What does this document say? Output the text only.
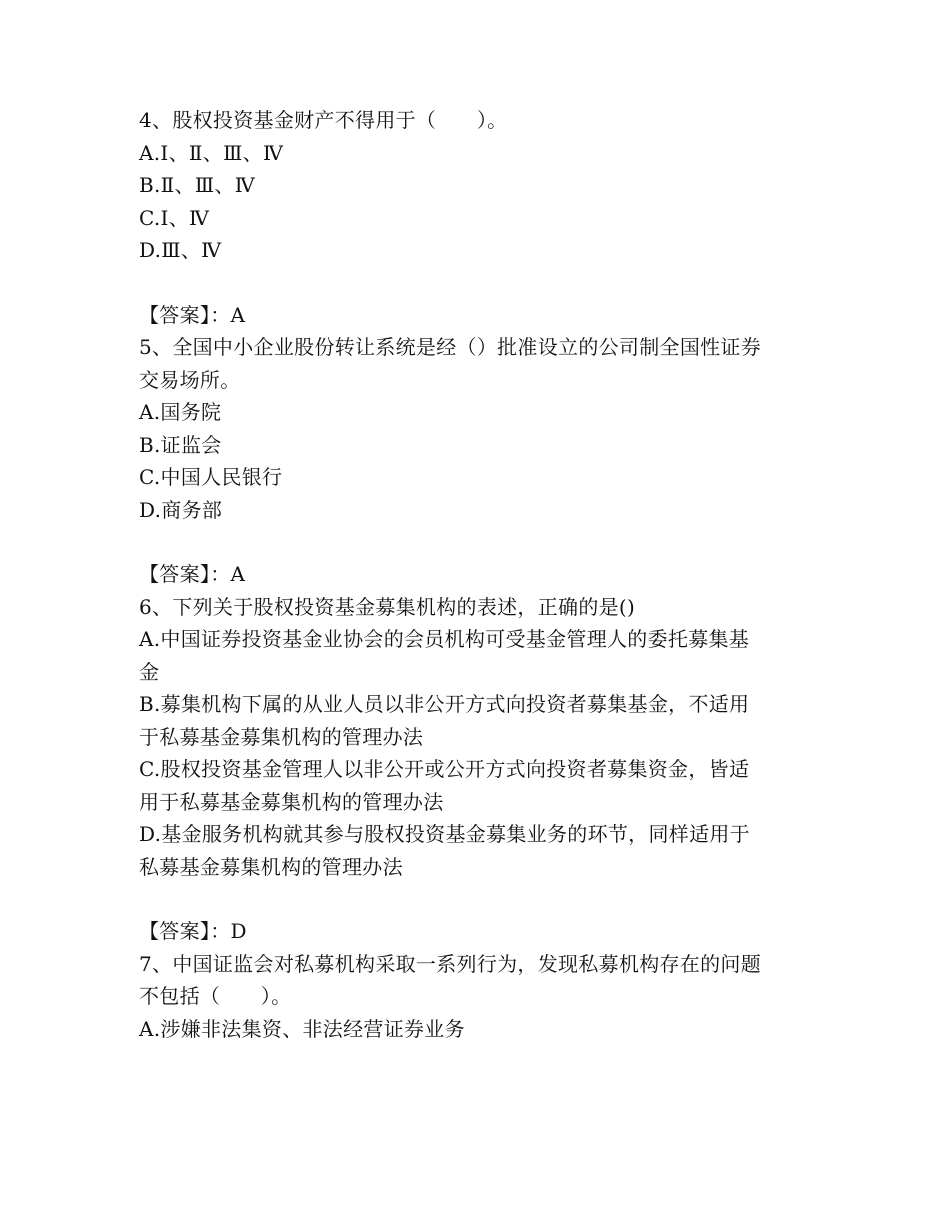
4、股权投资基金财产不得用于（　　）。
A.Ⅰ、Ⅱ、Ⅲ、Ⅳ
B.Ⅱ、Ⅲ、Ⅳ
C.Ⅰ、Ⅳ
D.Ⅲ、Ⅳ
【答案】：A
5、全国中小企业股份转让系统是经（）批准设立的公司制全国性证券
交易场所。
A.国务院
B.证监会
C.中国人民银行
D.商务部
【答案】：A
6、下列关于股权投资基金募集机构的表述，正确的是()
A.中国证券投资基金业协会的会员机构可受基金管理人的委托募集基
金
B.募集机构下属的从业人员以非公开方式向投资者募集基金，不适用
于私募基金募集机构的管理办法
C.股权投资基金管理人以非公开或公开方式向投资者募集资金，皆适
用于私募基金募集机构的管理办法
D.基金服务机构就其参与股权投资基金募集业务的环节，同样适用于
私募基金募集机构的管理办法
【答案】：D
7、中国证监会对私募机构采取一系列行为，发现私募机构存在的问题
不包括（　　）。
A.涉嫌非法集资、非法经营证券业务
